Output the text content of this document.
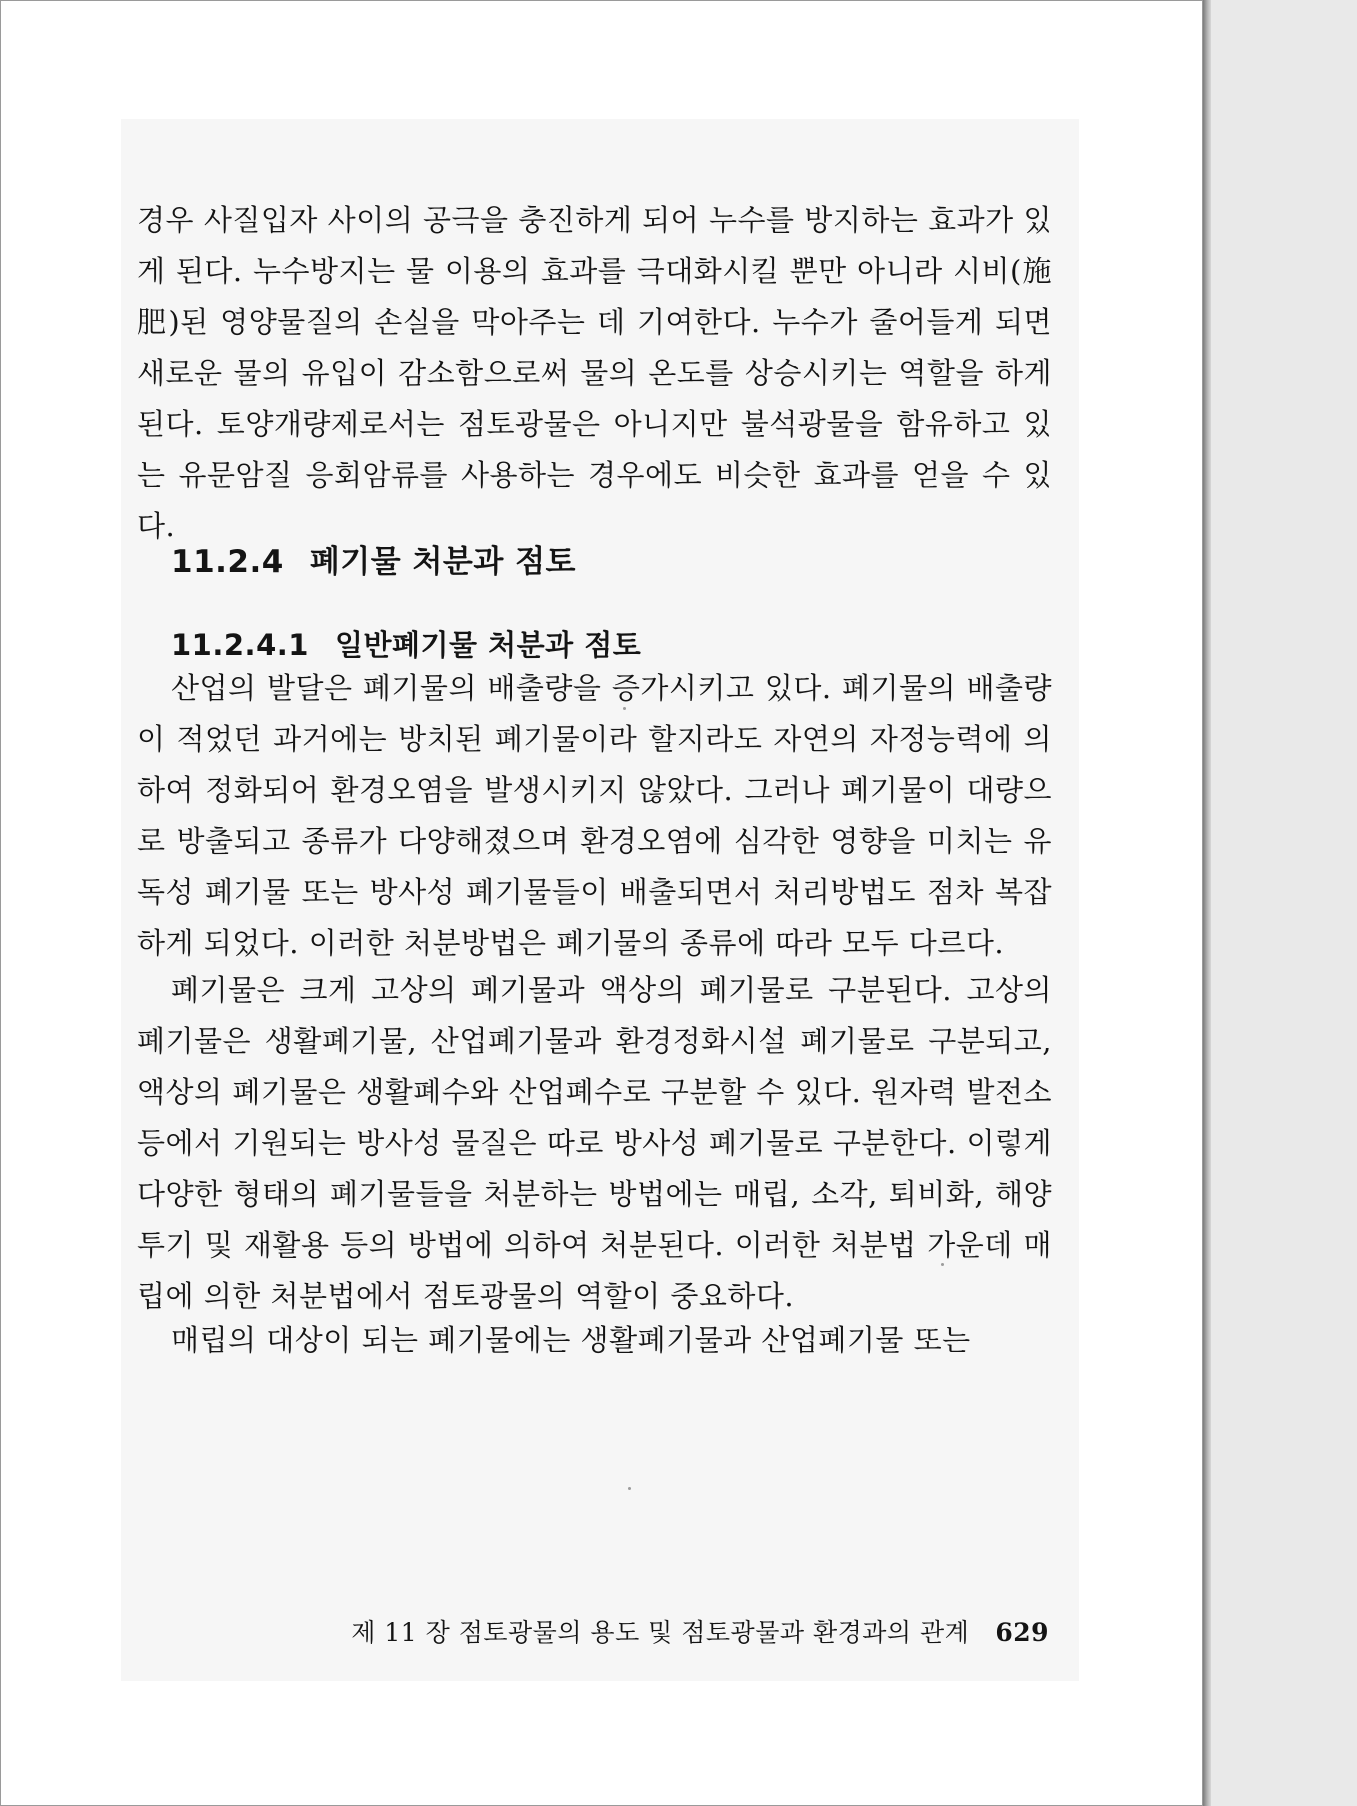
경우 사질입자 사이의 공극을 충진하게 되어 누수를 방지하는 효과가 있게 된다. 누수방지는 물 이용의 효과를 극대화시킬 뿐만 아니라 시비(施肥)된 영양물질의 손실을 막아주는 데 기여한다. 누수가 줄어들게 되면 새로운 물의 유입이 감소함으로써 물의 온도를 상승시키는 역할을 하게 된다. 토양개량제로서는 점토광물은 아니지만 불석광물을 함유하고 있는 유문암질 응회암류를 사용하는 경우에도 비슷한 효과를 얻을 수 있다.

11.2.4 폐기물 처분과 점토
11.2.4.1 일반폐기물 처분과 점토

산업의 발달은 폐기물의 배출량을 증가시키고 있다. 폐기물의 배출량이 적었던 과거에는 방치된 폐기물이라 할지라도 자연의 자정능력에 의하여 정화되어 환경오염을 발생시키지 않았다. 그러나 폐기물이 대량으로 방출되고 종류가 다양해졌으며 환경오염에 심각한 영향을 미치는 유독성 폐기물 또는 방사성 폐기물들이 배출되면서 처리방법도 점차 복잡하게 되었다. 이러한 처분방법은 폐기물의 종류에 따라 모두 다르다.

폐기물은 크게 고상의 폐기물과 액상의 폐기물로 구분된다. 고상의 폐기물은 생활폐기물, 산업폐기물과 환경정화시설 폐기물로 구분되고, 액상의 폐기물은 생활폐수와 산업폐수로 구분할 수 있다. 원자력 발전소 등에서 기원되는 방사성 물질은 따로 방사성 폐기물로 구분한다. 이렇게 다양한 형태의 폐기물들을 처분하는 방법에는 매립, 소각, 퇴비화, 해양투기 및 재활용 등의 방법에 의하여 처분된다. 이러한 처분법 가운데 매립에 의한 처분법에서 점토광물의 역할이 중요하다.

매립의 대상이 되는 폐기물에는 생활폐기물과 산업폐기물 또는

제 11 장 점토광물의 용도 및 점토광물과 환경과의 관계 629
